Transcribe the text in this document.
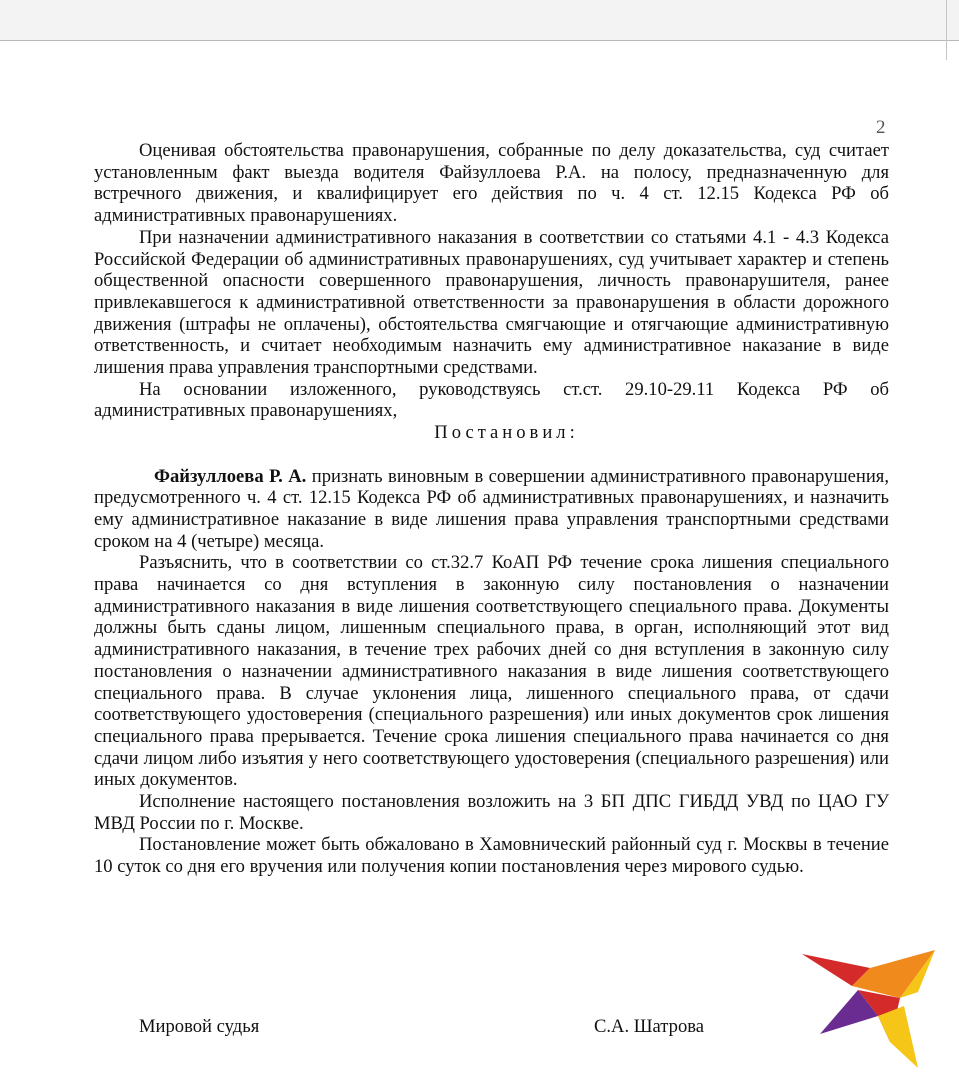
2

Оценивая обстоятельства правонарушения, собранные по делу доказательства, суд считает установленным факт выезда водителя Файзуллоева Р.А. на полосу, предназначенную для встречного движения, и квалифицирует его действия по ч. 4 ст. 12.15 Кодекса РФ об административных правонарушениях.

При назначении административного наказания в соответствии со статьями 4.1 - 4.3 Кодекса Российской Федерации об административных правонарушениях, суд учитывает характер и степень общественной опасности совершенного правонарушения, личность правонарушителя, ранее привлекавшегося к административной ответственности за правонарушения в области дорожного движения (штрафы не оплачены), обстоятельства смягчающие и отягчающие административную ответственность, и считает необходимым назначить ему административное наказание в виде лишения права управления транспортными средствами.

На основании изложенного, руководствуясь ст.ст. 29.10-29.11 Кодекса РФ об административных правонарушениях,

Постановил:

Файзуллоева Р. А. признать виновным в совершении административного правонарушения, предусмотренного ч. 4 ст. 12.15 Кодекса РФ об административных правонарушениях, и назначить ему административное наказание в виде лишения права управления транспортными средствами сроком на 4 (четыре) месяца.

Разъяснить, что в соответствии со ст.32.7 КоАП РФ течение срока лишения специального права начинается со дня вступления в законную силу постановления о назначении административного наказания в виде лишения соответствующего специального права. Документы должны быть сданы лицом, лишенным специального права, в орган, исполняющий этот вид административного наказания, в течение трех рабочих дней со дня вступления в законную силу постановления о назначении административного наказания в виде лишения соответствующего специального права. В случае уклонения лица, лишенного специального права, от сдачи соответствующего удостоверения (специального разрешения) или иных документов срок лишения специального права прерывается. Течение срока лишения специального права начинается со дня сдачи лицом либо изъятия у него соответствующего удостоверения (специального разрешения) или иных документов.

Исполнение настоящего постановления возложить на 3 БП ДПС ГИБДД УВД по ЦАО ГУ МВД России по г. Москве.

Постановление может быть обжаловано в Хамовнический районный суд г. Москвы в течение 10 суток со дня его вручения или получения копии постановления через мирового судью.

Мировой судья	С.А. Шатрова
